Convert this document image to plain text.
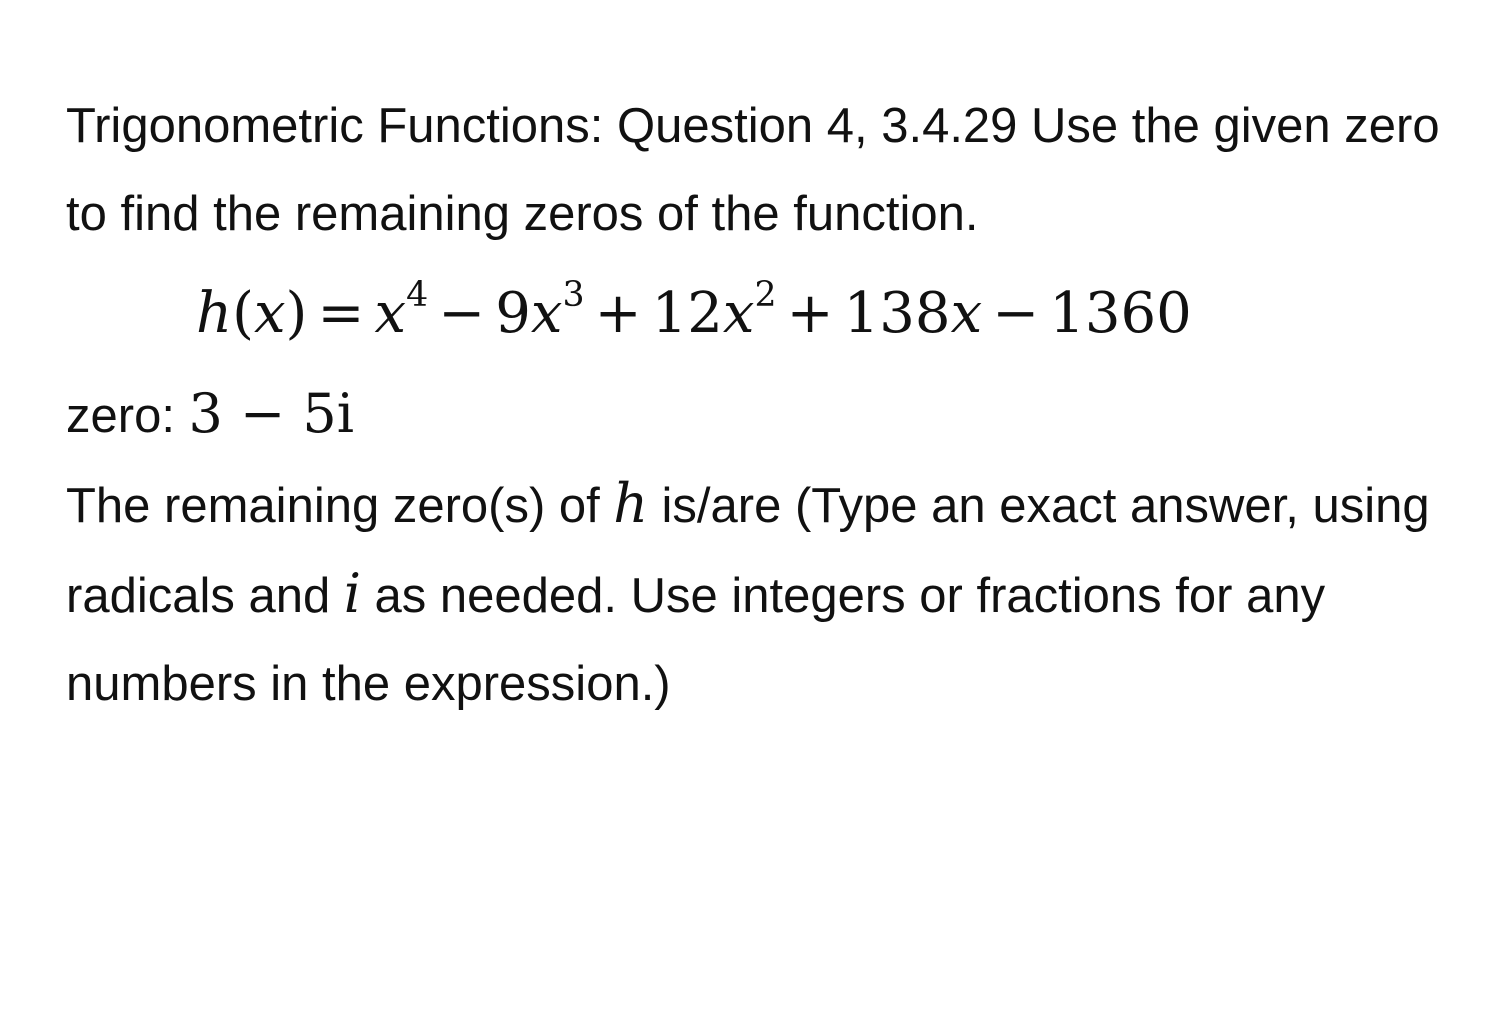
Trigonometric Functions: Question 4, 3.4.29 Use the given zero to find the remaining zeros of the function.

$h(x) = x^4 - 9x^3 + 12x^2 + 138x - 1360$

zero: 3 − 5i

The remaining zero(s) of h is/are (Type an exact answer, using radicals and i as needed. Use integers or fractions for any numbers in the expression.)
